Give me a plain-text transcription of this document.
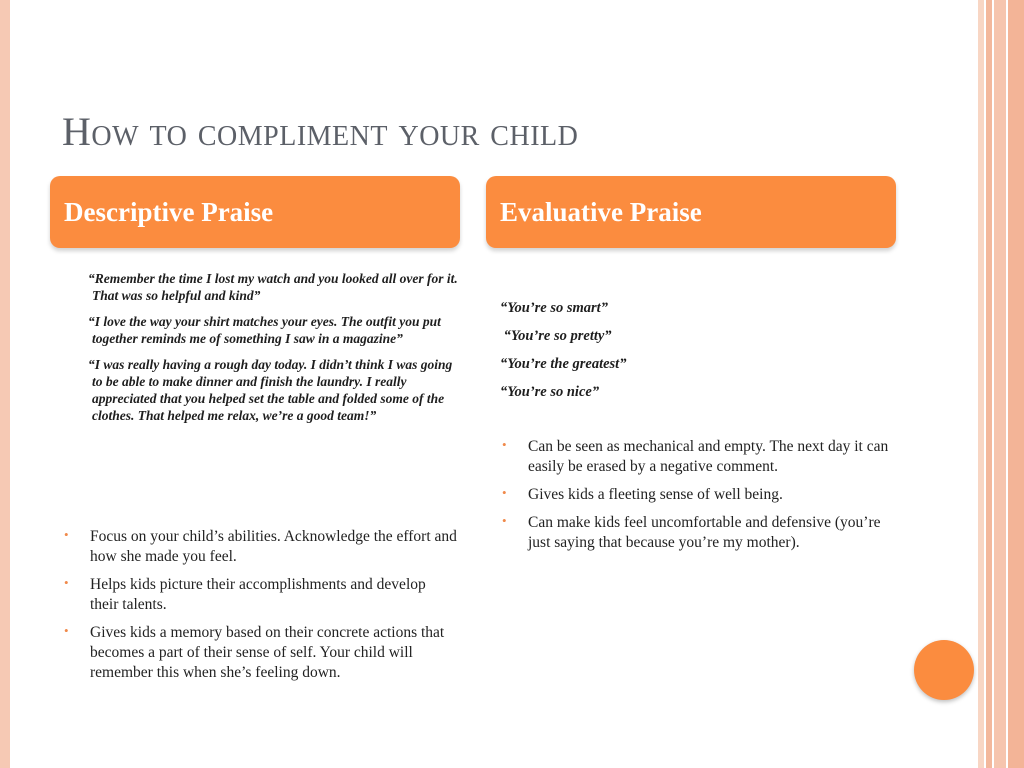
How to compliment your child
Descriptive Praise	Evaluative Praise

“Remember the time I lost my watch and you looked all over for it. That was so helpful and kind”

“I love the way your shirt matches your eyes. The outfit you put together reminds me of something I saw in a magazine”

“I was really having a rough day today. I didn’t think I was going to be able to make dinner and finish the laundry. I really appreciated that you helped set the table and folded some of the clothes. That helped me relax, we’re a good team!”

• Focus on your child’s abilities. Acknowledge the effort and how she made you feel.
• Helps kids picture their accomplishments and develop their talents.
• Gives kids a memory based on their concrete actions that becomes a part of their sense of self. Your child will remember this when she’s feeling down.

“You’re so smart”

“You’re so pretty”

“You’re the greatest”

“You’re so nice”

• Can be seen as mechanical and empty. The next day it can easily be erased by a negative comment.
• Gives kids a fleeting sense of well being.
• Can make kids feel uncomfortable and defensive (you’re just saying that because you’re my mother).
